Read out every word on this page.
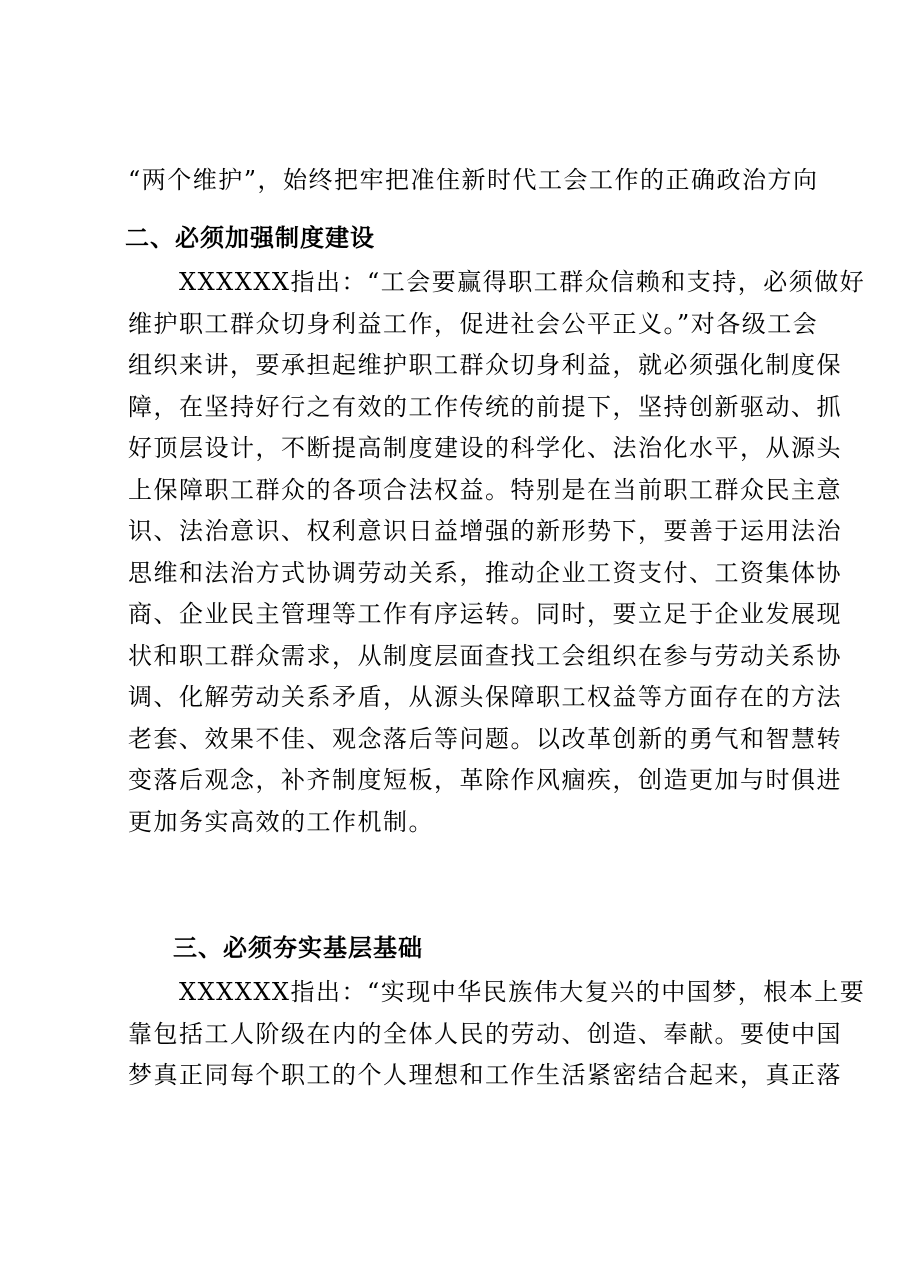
“两个维护”，始终把牢把准住新时代工会工作的正确政治方向
二、必须加强制度建设
　　XXXXXX指出：“工会要赢得职工群众信赖和支持，必须做好
维护职工群众切身利益工作，促进社会公平正义。”对各级工会
组织来讲，要承担起维护职工群众切身利益，就必须强化制度保
障，在坚持好行之有效的工作传统的前提下，坚持创新驱动、抓
好顶层设计，不断提高制度建设的科学化、法治化水平，从源头
上保障职工群众的各项合法权益。特别是在当前职工群众民主意
识、法治意识、权利意识日益增强的新形势下，要善于运用法治
思维和法治方式协调劳动关系，推动企业工资支付、工资集体协
商、企业民主管理等工作有序运转。同时，要立足于企业发展现
状和职工群众需求，从制度层面查找工会组织在参与劳动关系协
调、化解劳动关系矛盾，从源头保障职工权益等方面存在的方法
老套、效果不佳、观念落后等问题。以改革创新的勇气和智慧转
变落后观念，补齐制度短板，革除作风痼疾，创造更加与时俱进
更加务实高效的工作机制。
三、必须夯实基层基础
　　XXXXXX指出：“实现中华民族伟大复兴的中国梦，根本上要
靠包括工人阶级在内的全体人民的劳动、创造、奉献。要使中国
梦真正同每个职工的个人理想和工作生活紧密结合起来，真正落
